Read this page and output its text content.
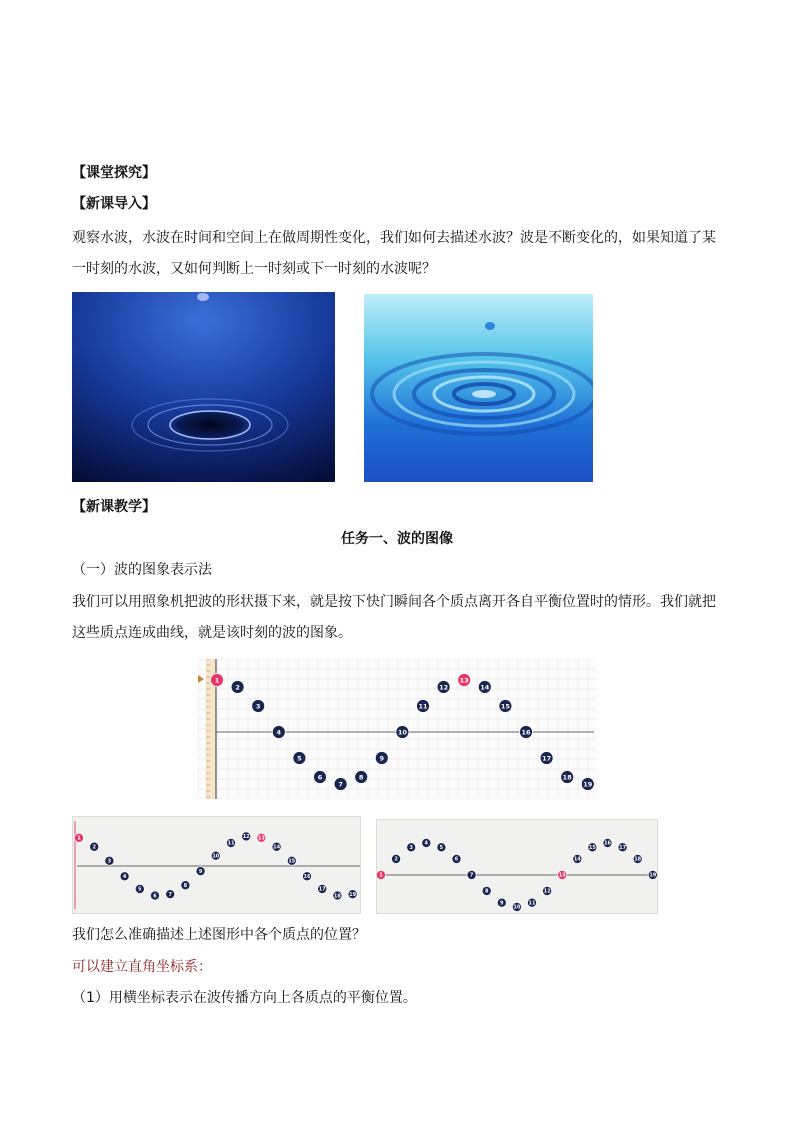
【课堂探究】
【新课导入】
观察水波，水波在时间和空间上在做周期性变化，我们如何去描述水波？波是不断变化的，如果知道了某
一时刻的水波，又如何判断上一时刻或下一时刻的水波呢？
【新课教学】
任务一、波的图像
（一）波的图象表示法
我们可以用照象机把波的形状摄下来，就是按下快门瞬间各个质点离开各自平衡位置时的情形。我们就把
这些质点连成曲线，就是该时刻的波的图象。
1
2
3
4
5
6
7
8
9
10
11
12
13
14
15
16
17
18
19
1
2
3
4
5
6 7
8
9
10
11
12 13
14
15
16
17
18 19
1
2
3
4
5
6
7
8
9
10
11
12
13
14
15
16
17
18
19
我们怎么准确描述上述图形中各个质点的位置？
可以建立直角坐标系：
（1）用横坐标表示在波传播方向上各质点的平衡位置。
